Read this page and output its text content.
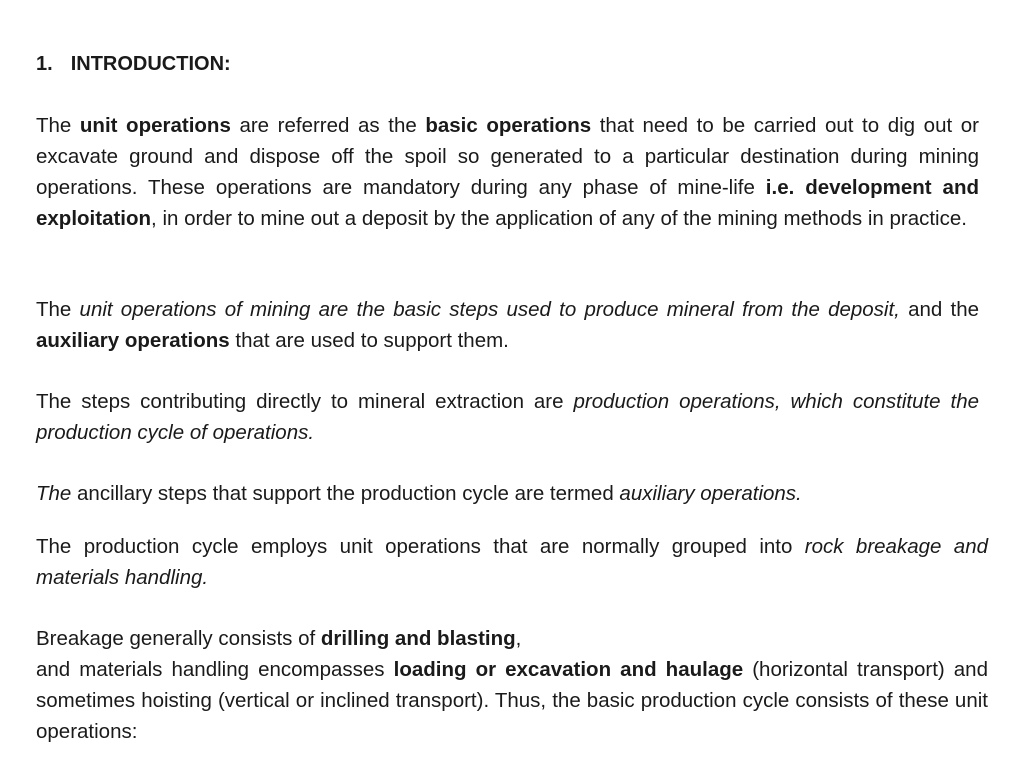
1. INTRODUCTION:

The unit operations are referred as the basic operations that need to be carried out to dig out or excavate ground and dispose off the spoil so generated to a particular destination during mining operations. These operations are mandatory during any phase of mine-life i.e. development and exploitation, in order to mine out a deposit by the application of any of the mining methods in practice.

The unit operations of mining are the basic steps used to produce mineral from the deposit, and the auxiliary operations that are used to support them.

The steps contributing directly to mineral extraction are production operations, which constitute the production cycle of operations.

The ancillary steps that support the production cycle are termed auxiliary operations.

The production cycle employs unit operations that are normally grouped into rock breakage and materials handling.

Breakage generally consists of drilling and blasting,

and materials handling encompasses loading or excavation and haulage (horizontal transport) and sometimes hoisting (vertical or inclined transport). Thus, the basic production cycle consists of these unit operations:
